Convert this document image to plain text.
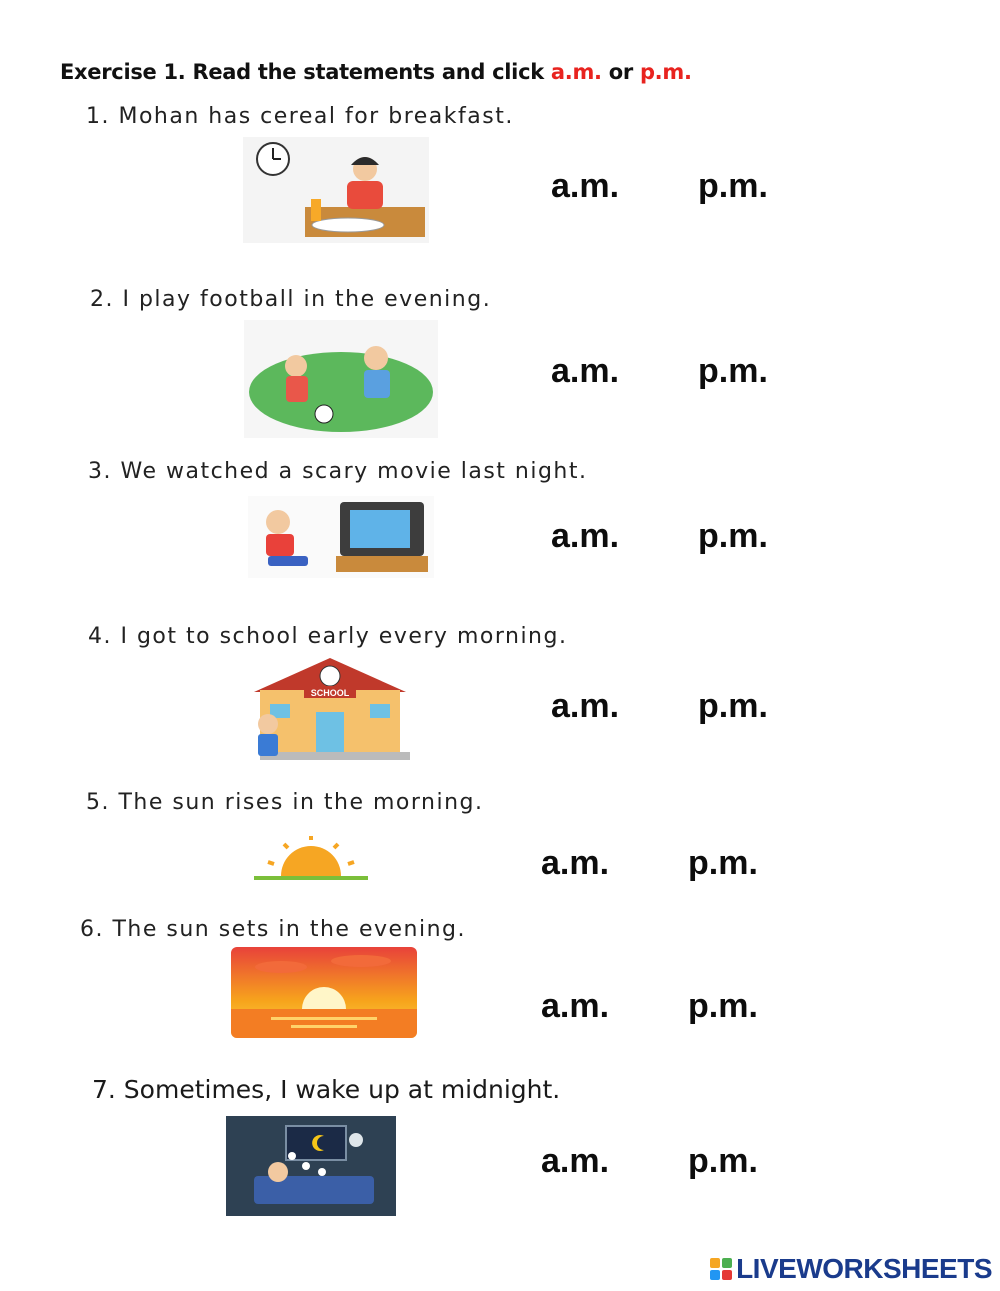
Exercise 1. Read the statements and click a.m. or p.m.
1. Mohan has cereal for breakfast.
a.m. p.m.
2. I play football in the evening.
a.m. p.m.
3. We watched a scary movie last night.
a.m. p.m.
4. I got to school early every morning.
SCHOOL	a.m. p.m.
5. The sun rises in the morning.
a.m. p.m.
6. The sun sets in the evening.
a.m. p.m.
7. Sometimes, I wake up at midnight.
a.m. p.m.
LIVEWORKSHEETS
